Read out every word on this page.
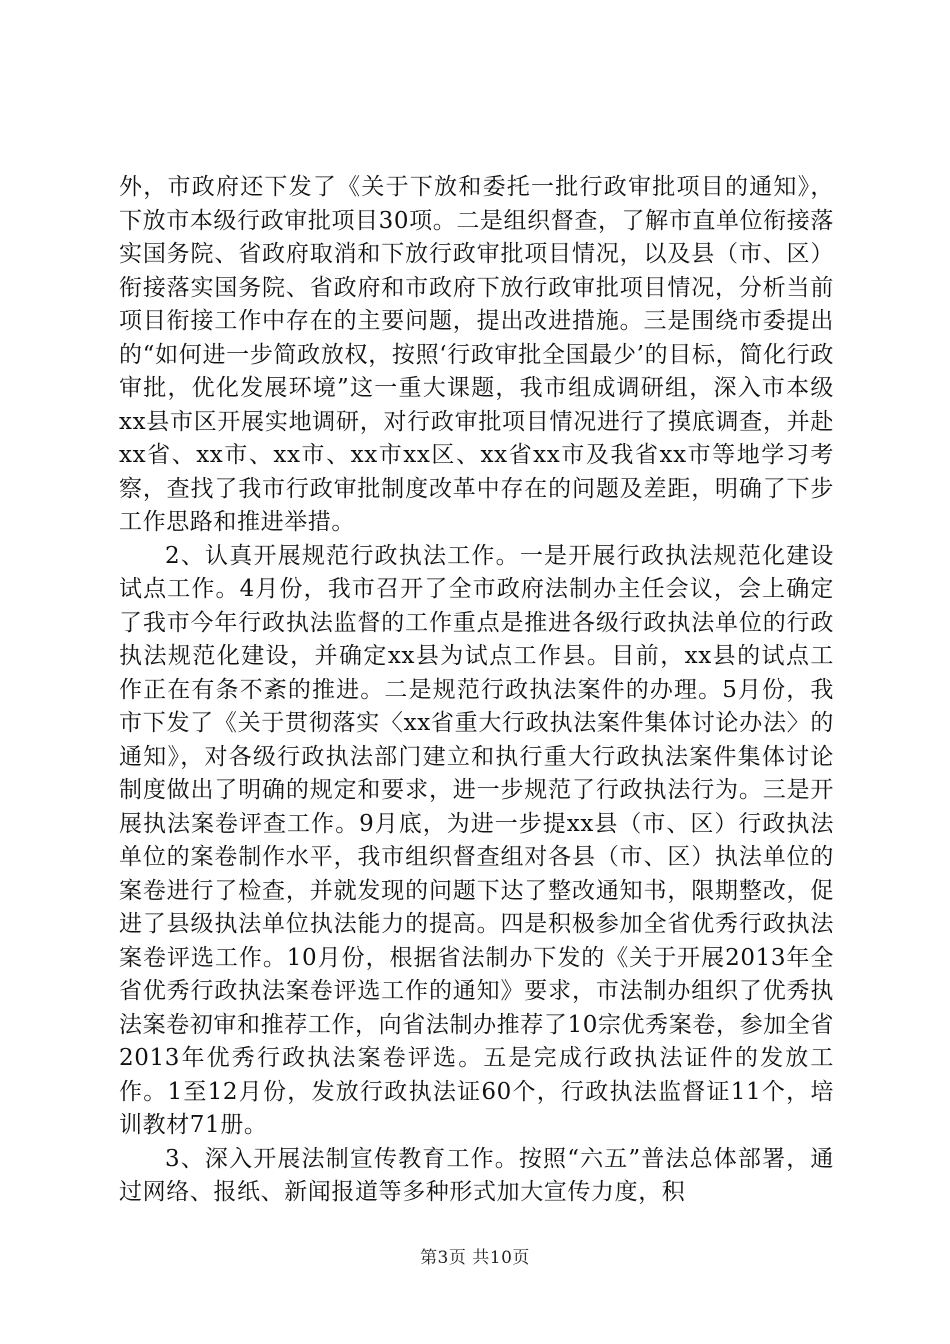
外，市政府还下发了《关于下放和委托一批行政审批项目的通知》，下放市本级行政审批项目30项。二是组织督查，了解市直单位衔接落实国务院、省政府取消和下放行政审批项目情况，以及县（市、区）衔接落实国务院、省政府和市政府下放行政审批项目情况，分析当前项目衔接工作中存在的主要问题，提出改进措施。三是围绕市委提出的“如何进一步简政放权，按照‘行政审批全国最少’的目标，简化行政审批，优化发展环境”这一重大课题，我市组成调研组，深入市本级xx县市区开展实地调研，对行政审批项目情况进行了摸底调查，并赴xx省、xx市、xx市、xx市xx区、xx省xx市及我省xx市等地学习考察，查找了我市行政审批制度改革中存在的问题及差距，明确了下步工作思路和推进举措。

2、认真开展规范行政执法工作。一是开展行政执法规范化建设试点工作。4月份，我市召开了全市政府法制办主任会议，会上确定了我市今年行政执法监督的工作重点是推进各级行政执法单位的行政执法规范化建设，并确定xx县为试点工作县。目前，xx县的试点工作正在有条不紊的推进。二是规范行政执法案件的办理。5月份，我市下发了《关于贯彻落实〈xx省重大行政执法案件集体讨论办法〉的通知》，对各级行政执法部门建立和执行重大行政执法案件集体讨论制度做出了明确的规定和要求，进一步规范了行政执法行为。三是开展执法案卷评查工作。9月底，为进一步提xx县（市、区）行政执法单位的案卷制作水平，我市组织督查组对各县（市、区）执法单位的案卷进行了检查，并就发现的问题下达了整改通知书，限期整改，促进了县级执法单位执法能力的提高。四是积极参加全省优秀行政执法案卷评选工作。10月份，根据省法制办下发的《关于开展2013年全省优秀行政执法案卷评选工作的通知》要求，市法制办组织了优秀执法案卷初审和推荐工作，向省法制办推荐了10宗优秀案卷，参加全省2013年优秀行政执法案卷评选。五是完成行政执法证件的发放工作。1至12月份，发放行政执法证60个，行政执法监督证11个，培训教材71册。

3、深入开展法制宣传教育工作。按照“六五”普法总体部署，通过网络、报纸、新闻报道等多种形式加大宣传力度，积

第3页 共10页
